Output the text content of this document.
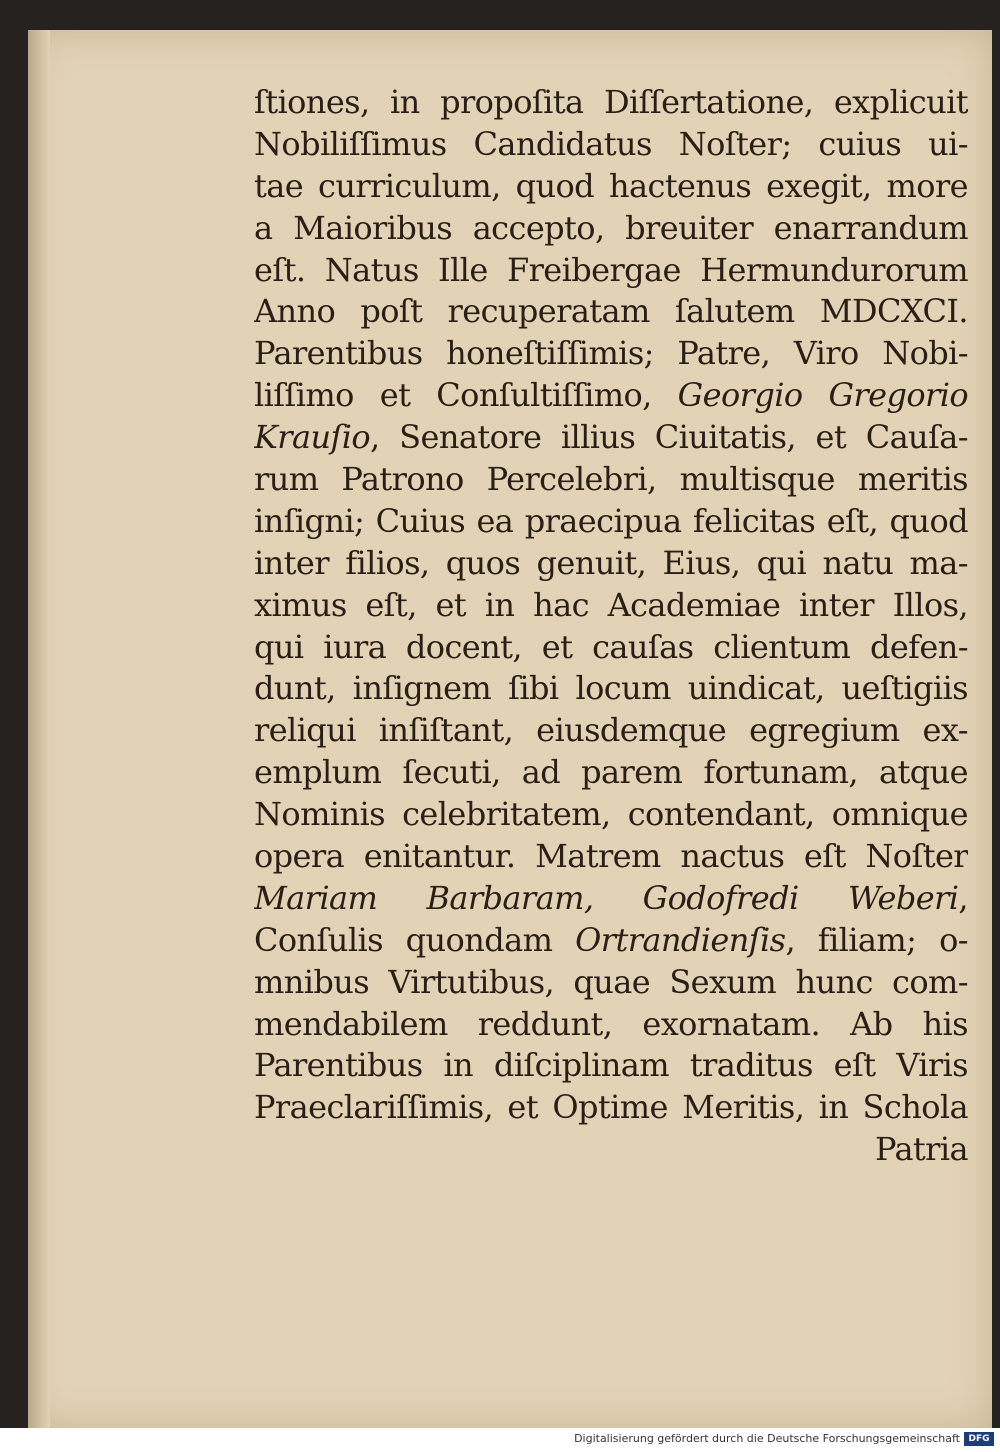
ſtiones, in propoſita Diſſertatione, explicuit
Nobiliſſimus Candidatus Noſter; cuius ui-
tae curriculum, quod hactenus exegit, more
a Maioribus accepto, breuiter enarrandum
eſt. Natus Ille Freibergae Hermundurorum
Anno poſt recuperatam ſalutem MDCXCI.
Parentibus honeſtiſſimis; Patre, Viro Nobi-
liſſimo et Conſultiſſimo, Georgio Gregorio
Krauſio, Senatore illius Ciuitatis, et Cauſa-
rum Patrono Percelebri, multisque meritis
inſigni; Cuius ea praecipua felicitas eſt, quod
inter filios, quos genuit, Eius, qui natu ma-
ximus eſt, et in hac Academiae inter Illos,
qui iura docent, et cauſas clientum defen-
dunt, inſignem ſibi locum uindicat, ueſtigiis
reliqui inſiſtant, eiusdemque egregium ex-
emplum ſecuti, ad parem fortunam, atque
Nominis celebritatem, contendant, omnique
opera enitantur. Matrem nactus eſt Noſter
Mariam Barbaram, Godofredi Weberi,
Conſulis quondam Ortrandienſis, filiam; o-
mnibus Virtutibus, quae Sexum hunc com-
mendabilem reddunt, exornatam. Ab his
Parentibus in diſciplinam traditus eſt Viris
Praeclariſſimis, et Optime Meritis, in Schola
Patria
Digitalisierung gefördert durch die Deutsche Forschungsgemeinschaft DFG
